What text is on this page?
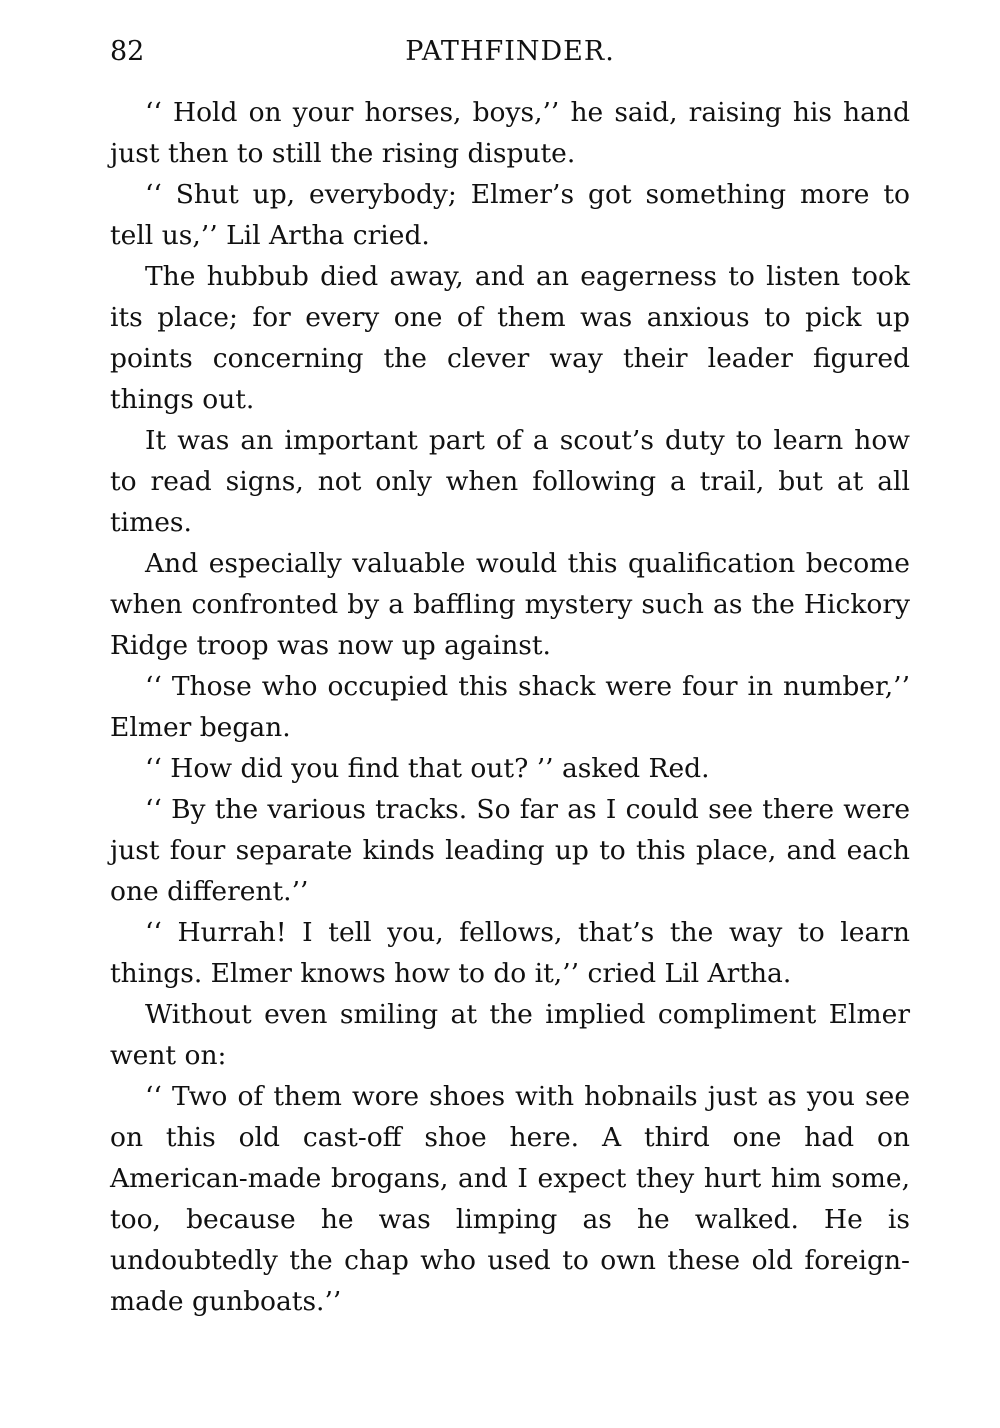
82	PATHFINDER.

‘‘ Hold on your horses, boys,’’ he said, raising his hand just then to still the rising dispute.

‘‘ Shut up, everybody; Elmer’s got something more to tell us,’’ Lil Artha cried.

The hubbub died away, and an eagerness to listen took its place; for every one of them was anxious to pick up points concerning the clever way their leader figured things out.

It was an important part of a scout’s duty to learn how to read signs, not only when following a trail, but at all times.

And especially valuable would this qualification become when confronted by a baffling mystery such as the Hickory Ridge troop was now up against.

‘‘ Those who occupied this shack were four in number,’’ Elmer began.

‘‘ How did you find that out? ’’ asked Red.

‘‘ By the various tracks. So far as I could see there were just four separate kinds leading up to this place, and each one different.’’

‘‘ Hurrah! I tell you, fellows, that’s the way to learn things. Elmer knows how to do it,’’ cried Lil Artha.

Without even smiling at the implied compliment Elmer went on:

‘‘ Two of them wore shoes with hobnails just as you see on this old cast-off shoe here. A third one had on American-made brogans, and I expect they hurt him some, too, because he was limping as he walked. He is undoubtedly the chap who used to own these old foreign-made gunboats.’’
